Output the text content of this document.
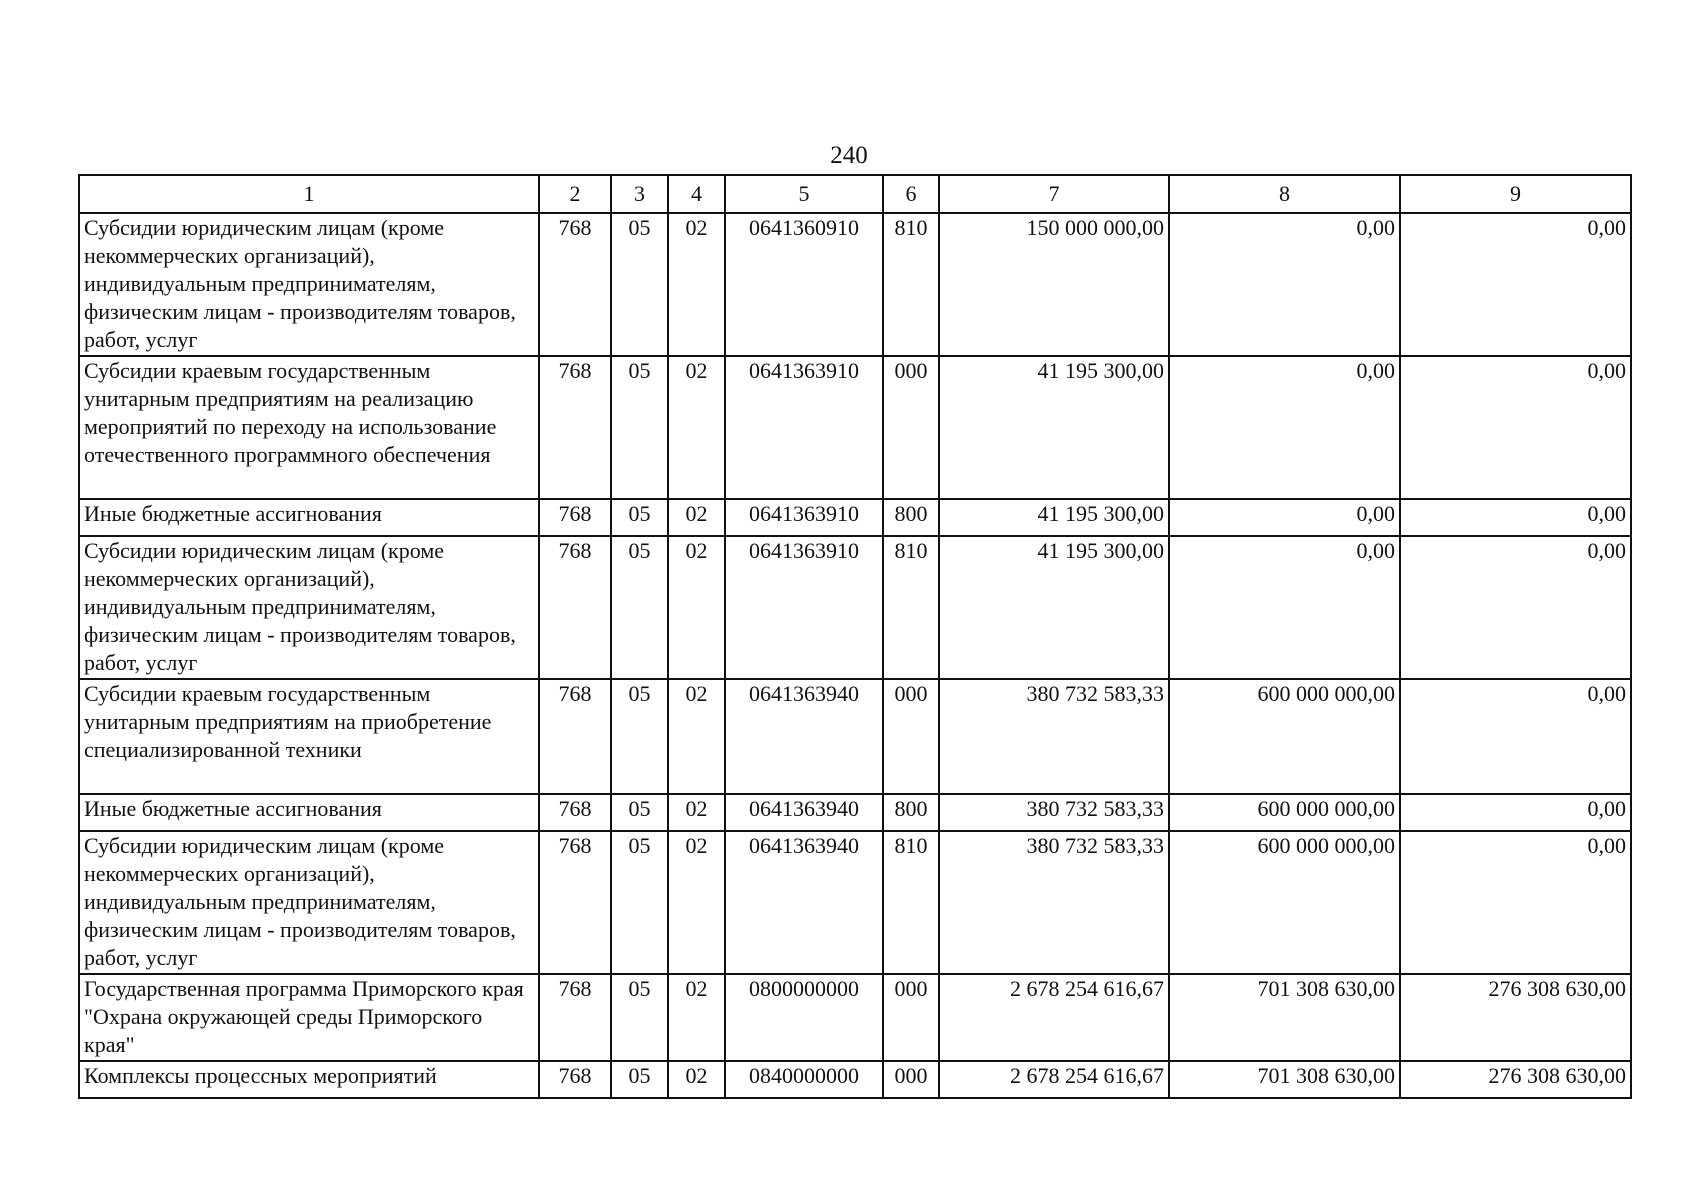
240
1	2	3	4	5	6	7	8	9
Субсидии юридическим лицам (кроме некоммерческих организаций), индивидуальным предпринимателям, физическим лицам - производителям товаров, работ, услуг	768	05	02	0641360910	810	150 000 000,00	0,00	0,00
Субсидии краевым государственным унитарным предприятиям на реализацию мероприятий по переходу на использование отечественного программного обеспечения	768	05	02	0641363910	000	41 195 300,00	0,00	0,00
Иные бюджетные ассигнования	768	05	02	0641363910	800	41 195 300,00	0,00	0,00
Субсидии юридическим лицам (кроме некоммерческих организаций), индивидуальным предпринимателям, физическим лицам - производителям товаров, работ, услуг	768	05	02	0641363910	810	41 195 300,00	0,00	0,00
Субсидии краевым государственным унитарным предприятиям на приобретение специализированной техники	768	05	02	0641363940	000	380 732 583,33	600 000 000,00	0,00
Иные бюджетные ассигнования	768	05	02	0641363940	800	380 732 583,33	600 000 000,00	0,00
Субсидии юридическим лицам (кроме некоммерческих организаций), индивидуальным предпринимателям, физическим лицам - производителям товаров, работ, услуг	768	05	02	0641363940	810	380 732 583,33	600 000 000,00	0,00
Государственная программа Приморского края "Охрана окружающей среды Приморского края"	768	05	02	0800000000	000	2 678 254 616,67	701 308 630,00	276 308 630,00
Комплексы процессных мероприятий	768	05	02	0840000000	000	2 678 254 616,67	701 308 630,00	276 308 630,00
